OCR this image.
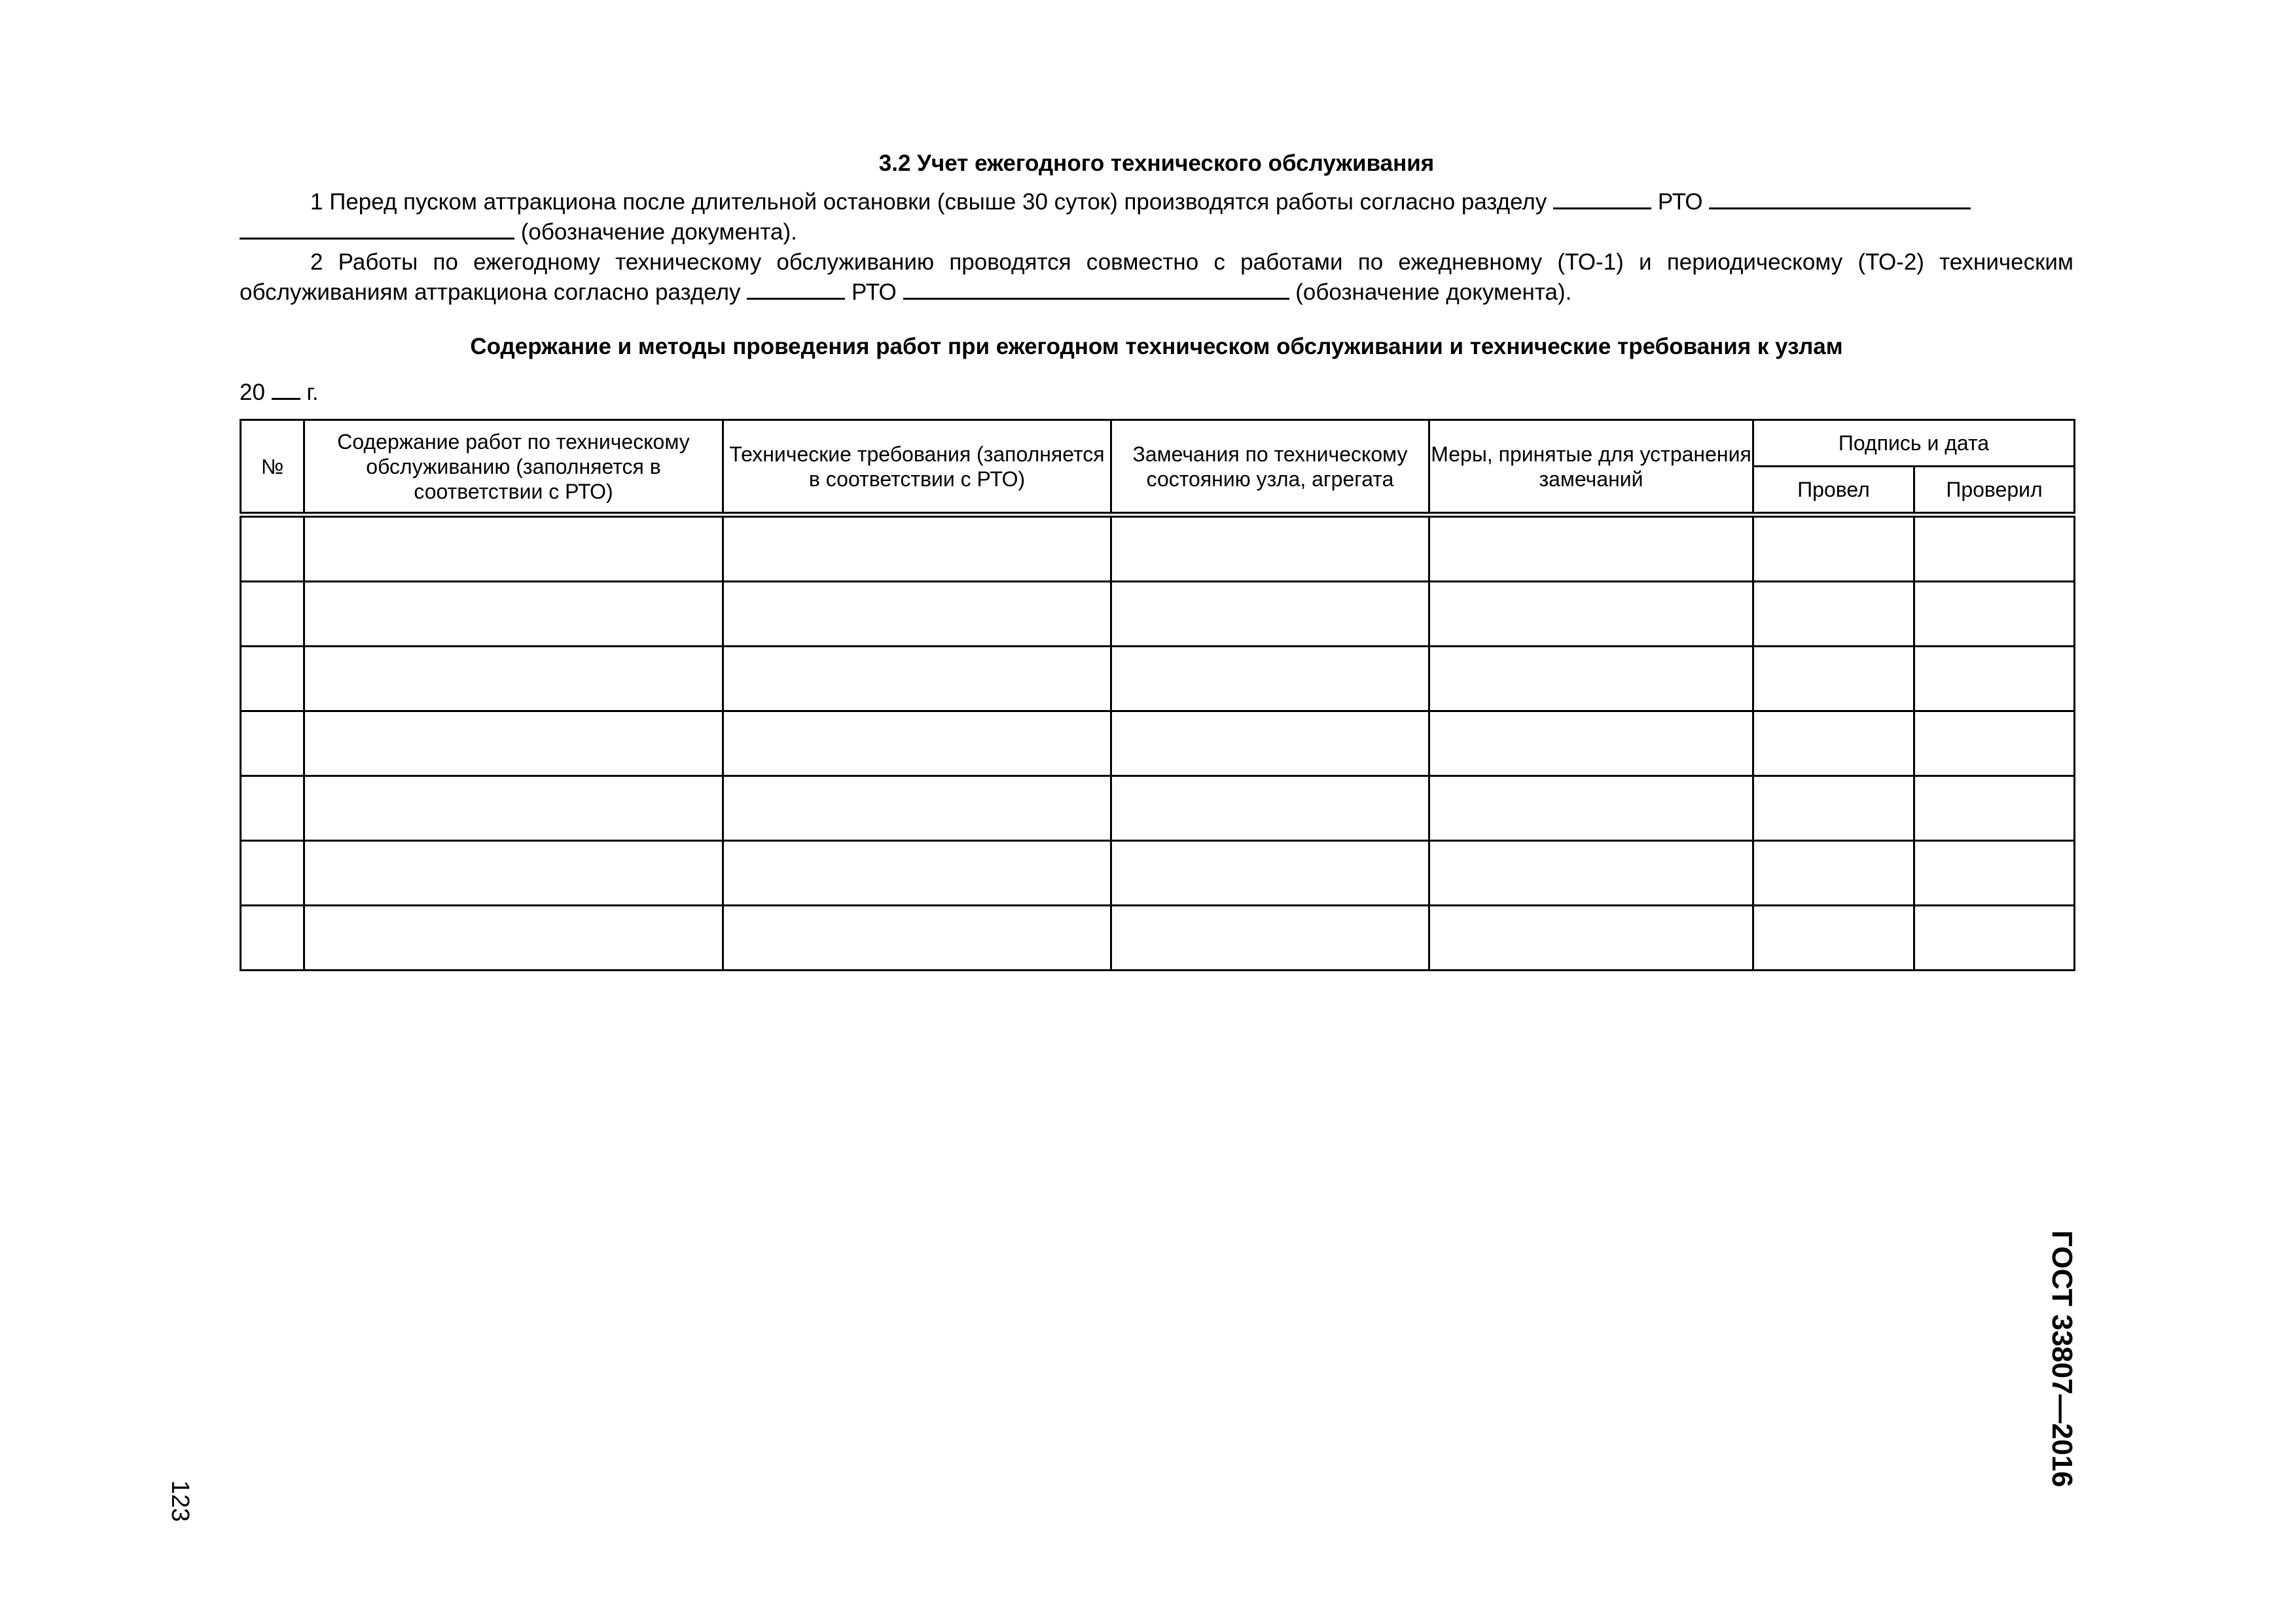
3.2 Учет ежегодного технического обслуживания
1 Перед пуском аттракциона после длительной остановки (свыше 30 суток) производятся работы согласно разделу	РТО
(обозначение документа).
2 Работы по ежегодному техническому обслуживанию проводятся совместно с работами по ежедневному (ТО-1) и периодическому (ТО-2) техническим обслуживаниям аттракциона согласно разделу	РТО	(обозначение документа).
Содержание и методы проведения работ при ежегодном техническом обслуживании и технические требования к узлам
20 г.
№	Содержание работ по техническому обслуживанию (заполняется в соответствии с РТО)	Технические требования (заполняется в соответствии с РТО)	Замечания по техническому состоянию узла, агрегата	Меры, принятые для устранения замечаний	Подпись и дата	
					Провел	Проверил

ГОСТ 33807—2016
123
